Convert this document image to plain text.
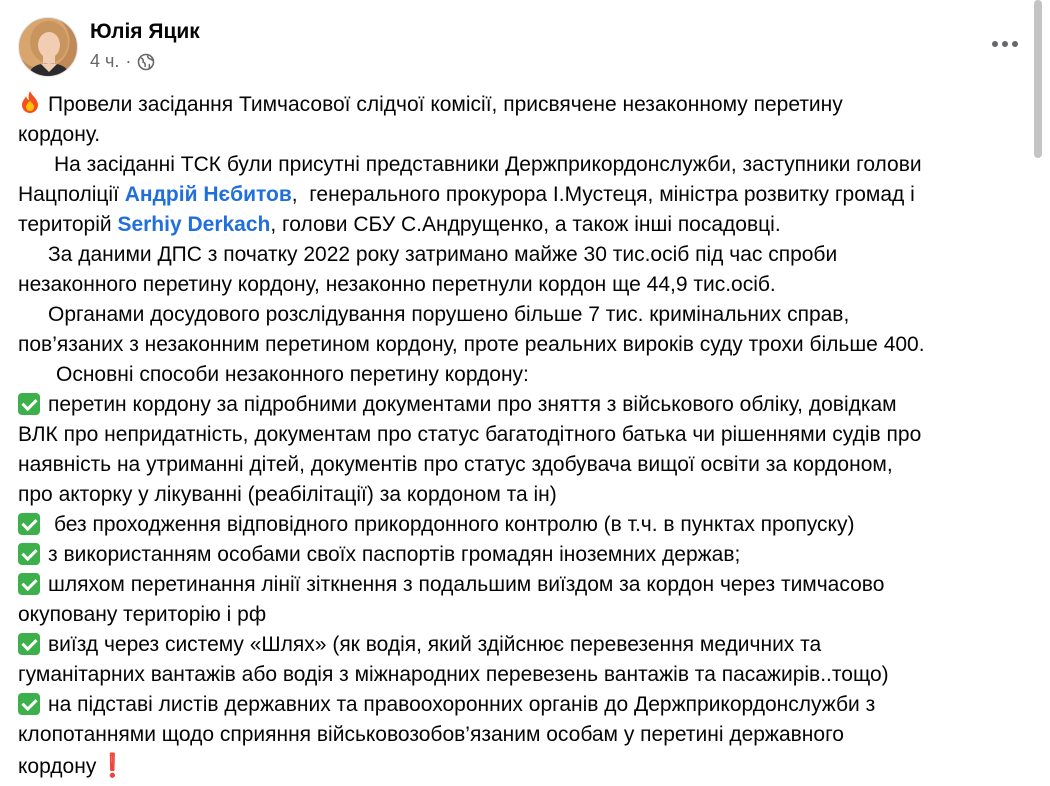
Юлія Яцик
4 ч. ·
Провели засідання Тимчасової слідчої комісії, присвячене незаконному перетину
кордону.
На засіданні ТСК були присутні представники Держприкордонслужби, заступники голови
Нацполіції Андрій Нєбитов,  генерального прокурора І.Мустеця, міністра розвитку громад і
територій Serhiy Derkach, голови СБУ С.Андрущенко, а також інші посадовці.
За даними ДПС з початку 2022 року затримано майже 30 тис.осіб під час спроби
незаконного перетину кордону, незаконно перетнули кордон ще 44,9 тис.осіб.
Органами досудового розслідування порушено більше 7 тис. кримінальних справ,
пов’язаних з незаконним перетином кордону, проте реальних вироків суду трохи більше 400.
Основні способи незаконного перетину кордону:
перетин кордону за підробними документами про зняття з військового обліку, довідкам
ВЛК про непридатність, документам про статус багатодітного батька чи рішеннями судів про
наявність на утриманні дітей, документів про статус здобувача вищої освіти за кордоном,
про акторку у лікуванні (реабілітації) за кордоном та ін)
без проходження відповідного прикордонного контролю (в т.ч. в пунктах пропуску)
з використанням особами своїх паспортів громадян іноземних держав;
шляхом перетинання лінії зіткнення з подальшим виїздом за кордон через тимчасово
окуповану територію і рф
виїзд через систему «Шлях» (як водія, який здійснює перевезення медичних та
гуманітарних вантажів або водія з міжнародних перевезень вантажів та пасажирів..тощо)
на підставі листів державних та правоохоронних органів до Держприкордонслужби з
клопотаннями щодо сприяння військовозобов’язаним особам у перетині державного
кордону❗
